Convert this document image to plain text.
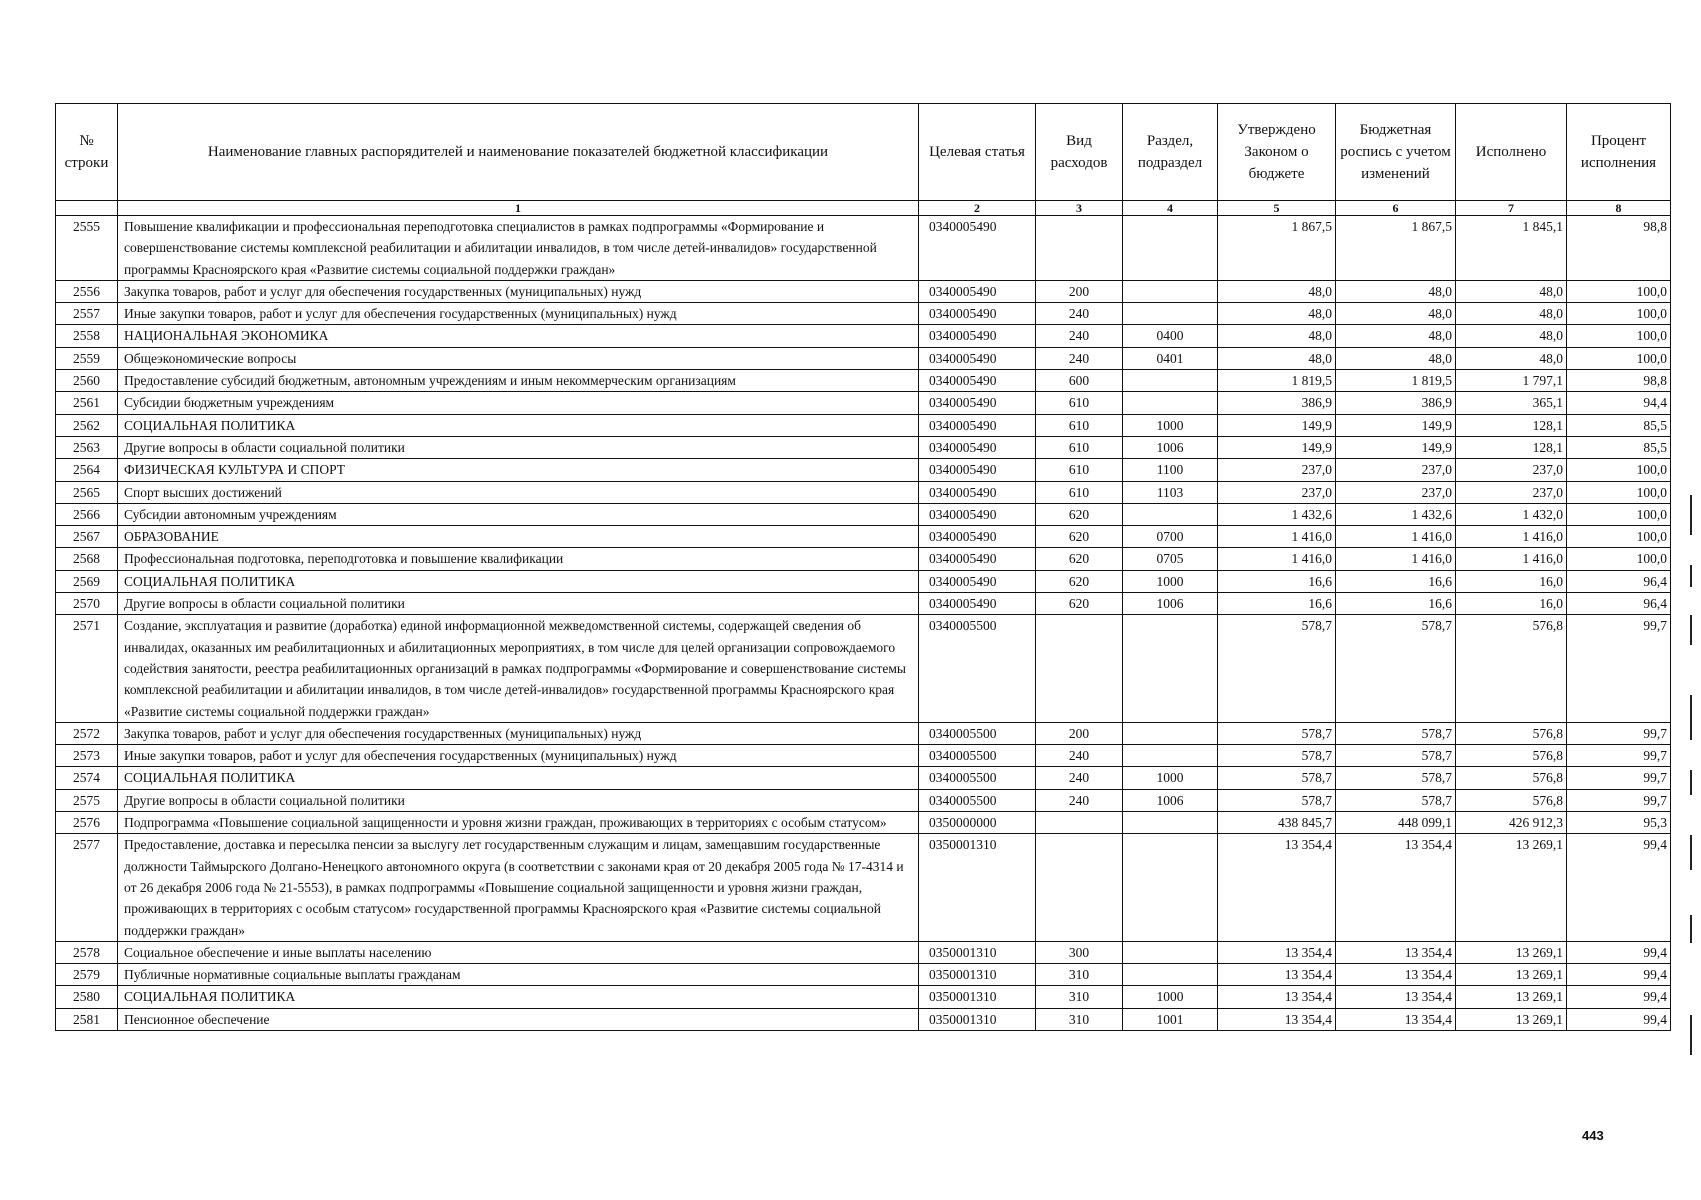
№ строки	Наименование главных распорядителей и наименование показателей бюджетной классификации	Целевая статья	Вид расходов	Раздел, подраздел	Утверждено Законом о бюджете	Бюджетная роспись с учетом изменений	Исполнено	Процент исполнения
	1	2	3	4	5	6	7	8
2555	Повышение квалификации и профессиональная переподготовка специалистов в рамках подпрограммы «Формирование и совершенствование системы комплексной реабилитации и абилитации инвалидов, в том числе детей-инвалидов» государственной программы Красноярского края «Развитие системы социальной поддержки граждан»	0340005490			1 867,5	1 867,5	1 845,1	98,8
2556	Закупка товаров, работ и услуг для обеспечения государственных (муниципальных) нужд	0340005490	200		48,0	48,0	48,0	100,0
2557	Иные закупки товаров, работ и услуг для обеспечения государственных (муниципальных) нужд	0340005490	240		48,0	48,0	48,0	100,0
2558	НАЦИОНАЛЬНАЯ ЭКОНОМИКА	0340005490	240	0400	48,0	48,0	48,0	100,0
2559	Общеэкономические вопросы	0340005490	240	0401	48,0	48,0	48,0	100,0
2560	Предоставление субсидий бюджетным, автономным учреждениям и иным некоммерческим организациям	0340005490	600		1 819,5	1 819,5	1 797,1	98,8
2561	Субсидии бюджетным учреждениям	0340005490	610		386,9	386,9	365,1	94,4
2562	СОЦИАЛЬНАЯ ПОЛИТИКА	0340005490	610	1000	149,9	149,9	128,1	85,5
2563	Другие вопросы в области социальной политики	0340005490	610	1006	149,9	149,9	128,1	85,5
2564	ФИЗИЧЕСКАЯ КУЛЬТУРА И СПОРТ	0340005490	610	1100	237,0	237,0	237,0	100,0
2565	Спорт высших достижений	0340005490	610	1103	237,0	237,0	237,0	100,0
2566	Субсидии автономным учреждениям	0340005490	620		1 432,6	1 432,6	1 432,0	100,0
2567	ОБРАЗОВАНИЕ	0340005490	620	0700	1 416,0	1 416,0	1 416,0	100,0
2568	Профессиональная подготовка, переподготовка и повышение квалификации	0340005490	620	0705	1 416,0	1 416,0	1 416,0	100,0
2569	СОЦИАЛЬНАЯ ПОЛИТИКА	0340005490	620	1000	16,6	16,6	16,0	96,4
2570	Другие вопросы в области социальной политики	0340005490	620	1006	16,6	16,6	16,0	96,4
2571	Создание, эксплуатация и развитие (доработка) единой информационной межведомственной системы, содержащей сведения об инвалидах, оказанных им реабилитационных и абилитационных мероприятиях, в том числе для целей организации сопровождаемого содействия занятости, реестра реабилитационных организаций в рамках подпрограммы «Формирование и совершенствование системы комплексной реабилитации и абилитации инвалидов, в том числе детей-инвалидов» государственной программы Красноярского края «Развитие системы социальной поддержки граждан»	0340005500			578,7	578,7	576,8	99,7
2572	Закупка товаров, работ и услуг для обеспечения государственных (муниципальных) нужд	0340005500	200		578,7	578,7	576,8	99,7
2573	Иные закупки товаров, работ и услуг для обеспечения государственных (муниципальных) нужд	0340005500	240		578,7	578,7	576,8	99,7
2574	СОЦИАЛЬНАЯ ПОЛИТИКА	0340005500	240	1000	578,7	578,7	576,8	99,7
2575	Другие вопросы в области социальной политики	0340005500	240	1006	578,7	578,7	576,8	99,7
2576	Подпрограмма «Повышение социальной защищенности и уровня жизни граждан, проживающих в территориях с особым статусом»	0350000000			438 845,7	448 099,1	426 912,3	95,3
2577	Предоставление, доставка и пересылка пенсии за выслугу лет государственным служащим и лицам, замещавшим государственные должности Таймырского Долгано-Ненецкого автономного округа (в соответствии с законами края от 20 декабря 2005 года № 17-4314 и от 26 декабря 2006 года № 21-5553), в рамках подпрограммы «Повышение социальной защищенности и уровня жизни граждан, проживающих в территориях с особым статусом» государственной программы Красноярского края «Развитие системы социальной поддержки граждан»	0350001310			13 354,4	13 354,4	13 269,1	99,4
2578	Социальное обеспечение и иные выплаты населению	0350001310	300		13 354,4	13 354,4	13 269,1	99,4
2579	Публичные нормативные социальные выплаты гражданам	0350001310	310		13 354,4	13 354,4	13 269,1	99,4
2580	СОЦИАЛЬНАЯ ПОЛИТИКА	0350001310	310	1000	13 354,4	13 354,4	13 269,1	99,4
2581	Пенсионное обеспечение	0350001310	310	1001	13 354,4	13 354,4	13 269,1	99,4
443
